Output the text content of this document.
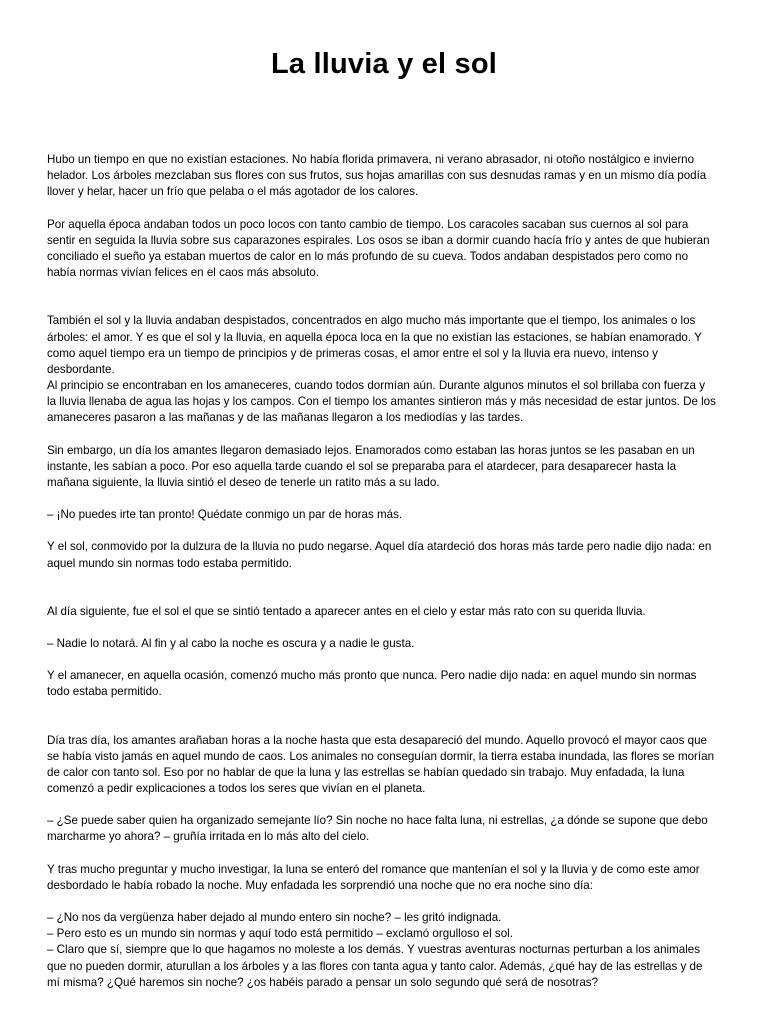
La lluvia y el sol
Hubo un tiempo en que no existían estaciones. No había florida primavera, ni verano abrasador, ni otoño nostálgico e invierno
helador. Los árboles mezclaban sus flores con sus frutos, sus hojas amarillas con sus desnudas ramas y en un mismo día podía
llover y helar, hacer un frío que pelaba o el más agotador de los calores.
Por aquella época andaban todos un poco locos con tanto cambio de tiempo. Los caracoles sacaban sus cuernos al sol para
sentir en seguida la lluvia sobre sus caparazones espirales. Los osos se iban a dormir cuando hacía frío y antes de que hubieran
conciliado el sueño ya estaban muertos de calor en lo más profundo de su cueva. Todos andaban despistados pero como no
había normas vivían felices en el caos más absoluto.
También el sol y la lluvia andaban despistados, concentrados en algo mucho más importante que el tiempo, los animales o los
árboles: el amor. Y es que el sol y la lluvia, en aquella época loca en la que no existían las estaciones, se habían enamorado. Y
como aquel tiempo era un tiempo de principios y de primeras cosas, el amor entre el sol y la lluvia era nuevo, intenso y
desbordante.
Al principio se encontraban en los amaneceres, cuando todos dormían aún. Durante algunos minutos el sol brillaba con fuerza y
la lluvia llenaba de agua las hojas y los campos. Con el tiempo los amantes sintieron más y más necesidad de estar juntos. De los
amaneceres pasaron a las mañanas y de las mañanas llegaron a los mediodías y las tardes.
Sin embargo, un día los amantes llegaron demasiado lejos. Enamorados como estaban las horas juntos se les pasaban en un
instante, les sabían a poco. Por eso aquella tarde cuando el sol se preparaba para el atardecer, para desaparecer hasta la
mañana siguiente, la lluvia sintió el deseo de tenerle un ratito más a su lado.
– ¡No puedes irte tan pronto! Quédate conmigo un par de horas más.
Y el sol, conmovido por la dulzura de la lluvia no pudo negarse. Aquel día atardeció dos horas más tarde pero nadie dijo nada: en
aquel mundo sin normas todo estaba permitido.
Al día siguiente, fue el sol el que se sintió tentado a aparecer antes en el cielo y estar más rato con su querida lluvia.
– Nadie lo notará. Al fin y al cabo la noche es oscura y a nadie le gusta.
Y el amanecer, en aquella ocasión, comenzó mucho más pronto que nunca. Pero nadie dijo nada: en aquel mundo sin normas
todo estaba permitido.
Día tras día, los amantes arañaban horas a la noche hasta que esta desapareció del mundo. Aquello provocó el mayor caos que
se había visto jamás en aquel mundo de caos. Los animales no conseguían dormir, la tierra estaba inundada, las flores se morían
de calor con tanto sol. Eso por no hablar de que la luna y las estrellas se habían quedado sin trabajo. Muy enfadada, la luna
comenzó a pedir explicaciones a todos los seres que vivían en el planeta.
– ¿Se puede saber quien ha organizado semejante lío? Sin noche no hace falta luna, ni estrellas, ¿a dónde se supone que debo
marcharme yo ahora? – gruñía irritada en lo más alto del cielo.
Y tras mucho preguntar y mucho investigar, la luna se enteró del romance que mantenían el sol y la lluvia y de como este amor
desbordado le había robado la noche. Muy enfadada les sorprendió una noche que no era noche sino día:
– ¿No nos da vergüenza haber dejado al mundo entero sin noche? – les gritó indignada.
– Pero esto es un mundo sin normas y aquí todo está permitido – exclamó orgulloso el sol.
– Claro que sí, siempre que lo que hagamos no moleste a los demás. Y vuestras aventuras nocturnas perturban a los animales
que no pueden dormir, aturullan a los árboles y a las flores con tanta agua y tanto calor. Además, ¿qué hay de las estrellas y de
mí misma? ¿Qué haremos sin noche? ¿os habéis parado a pensar un solo segundo qué será de nosotras?
